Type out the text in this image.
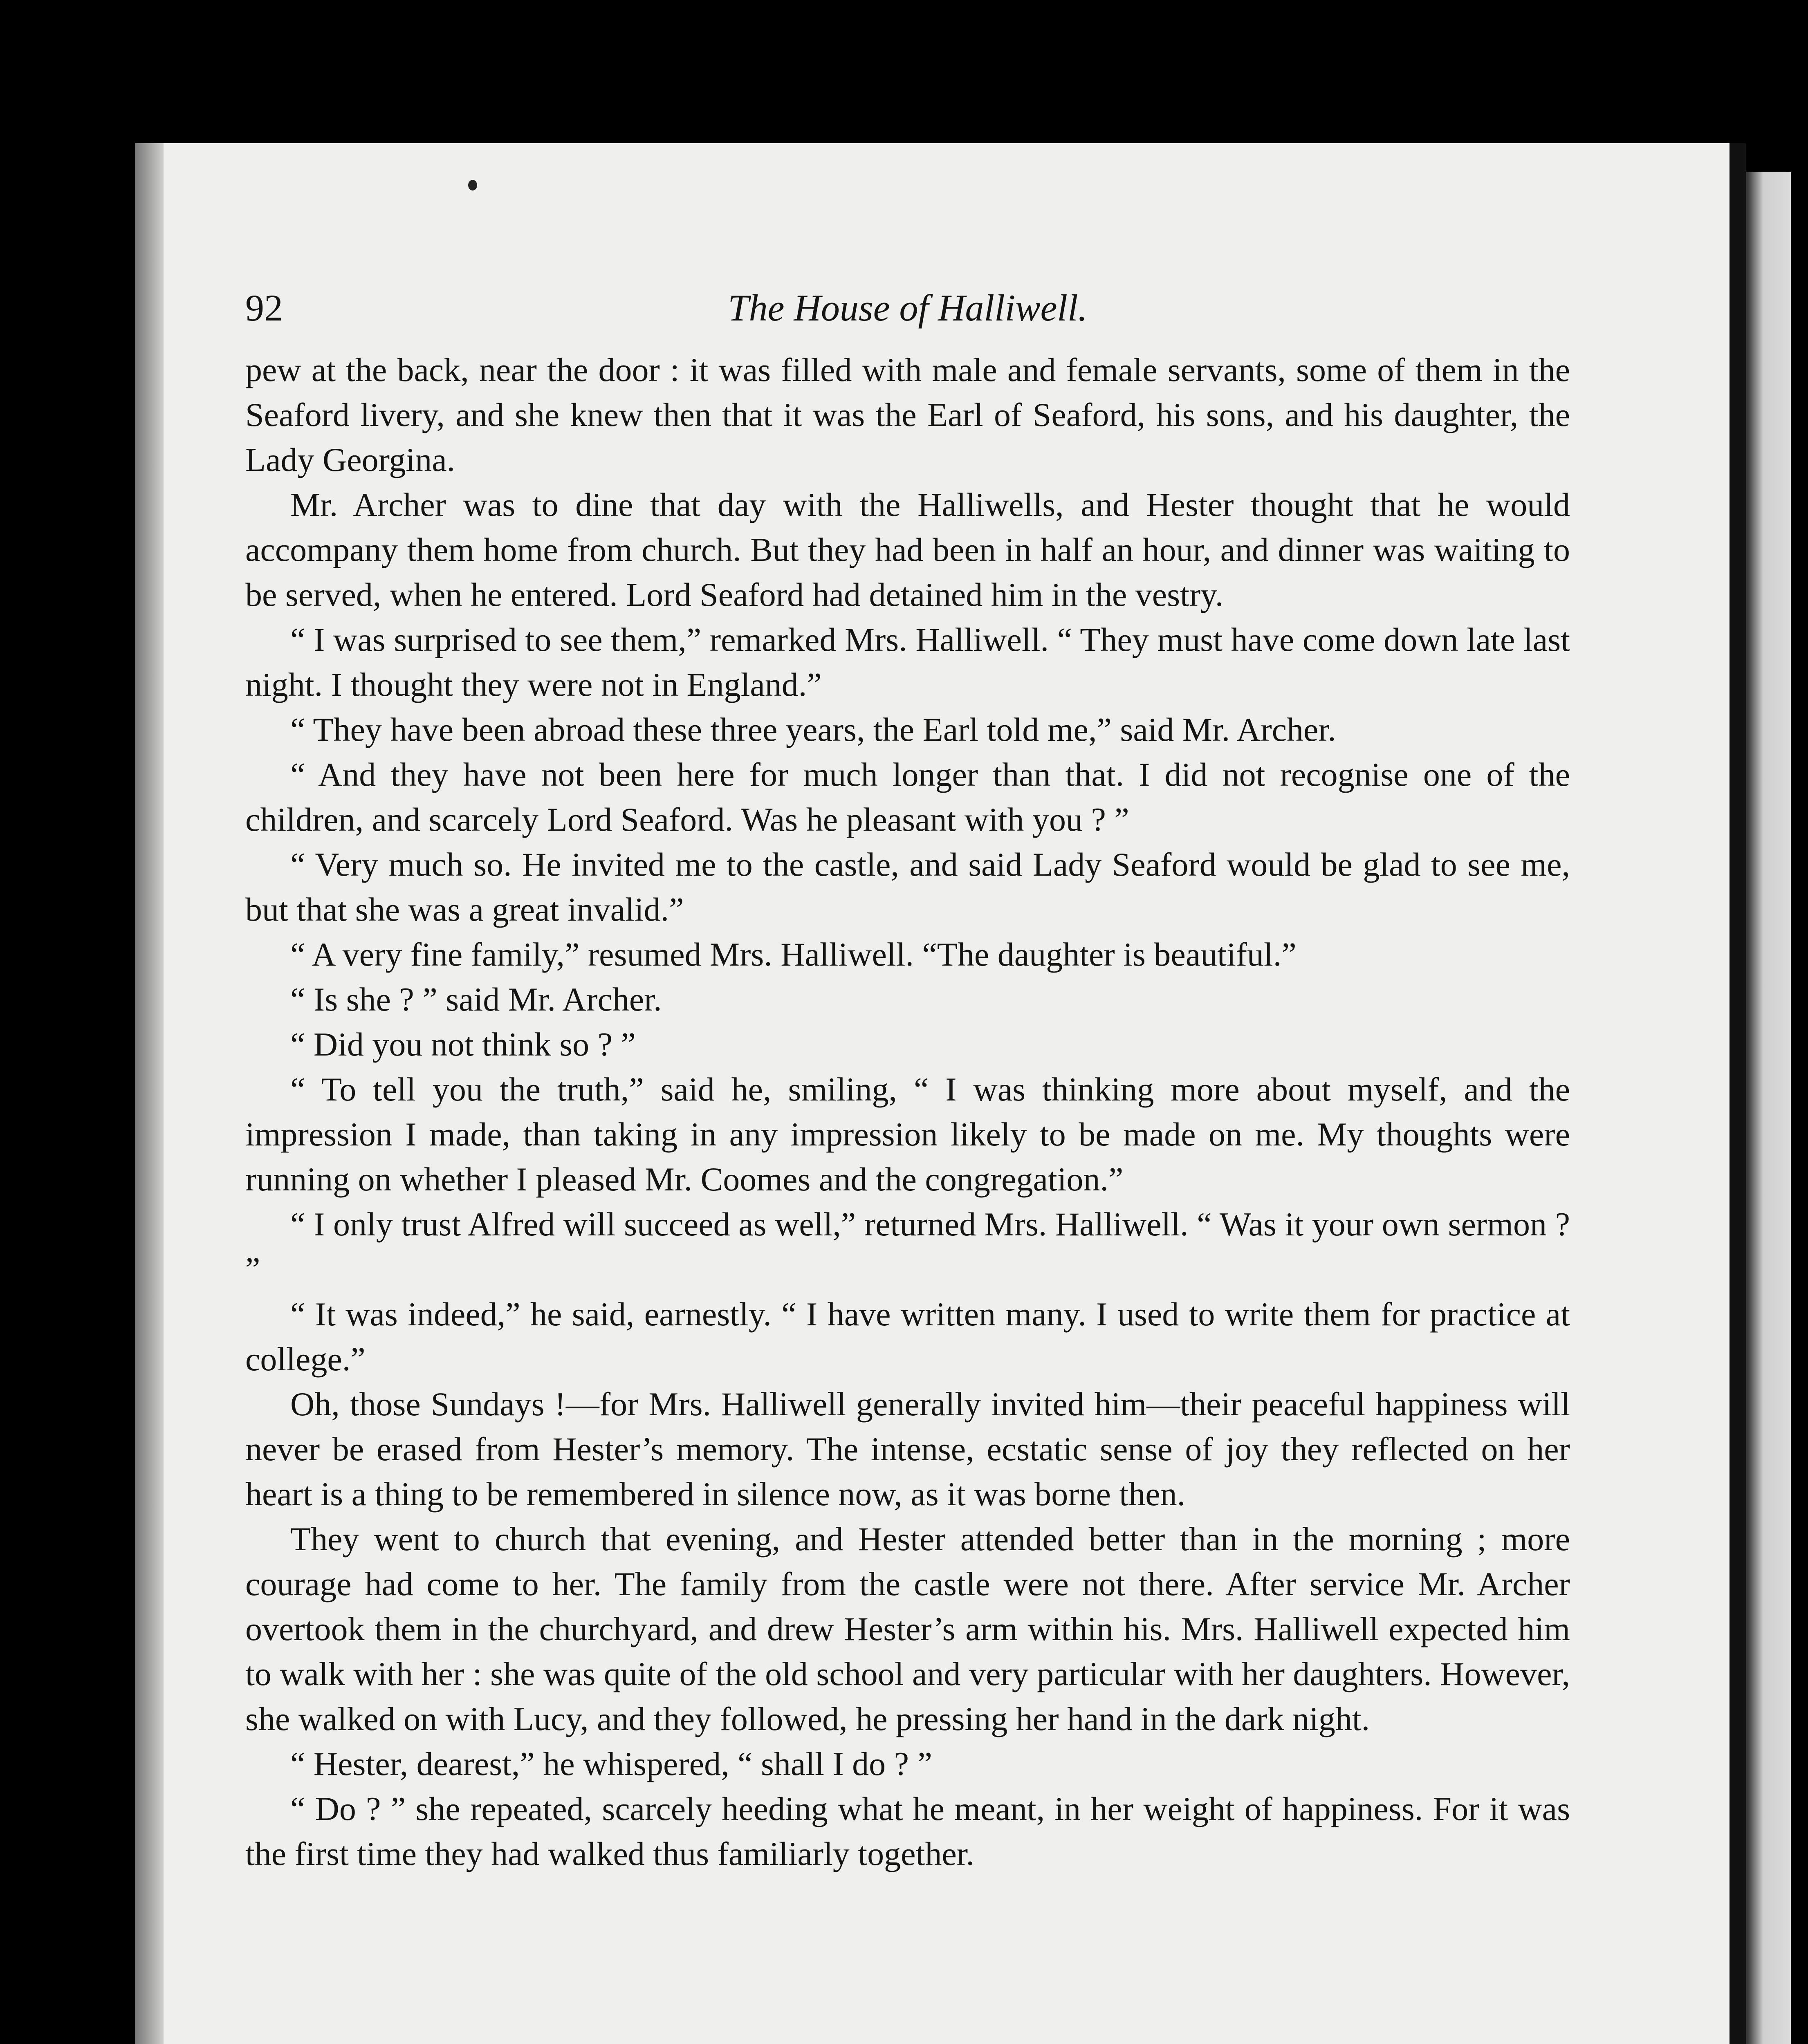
92	The House of Halliwell.

pew at the back, near the door : it was filled with male and female servants, some of them in the Seaford livery, and she knew then that it was the Earl of Seaford, his sons, and his daughter, the Lady Georgina.

Mr. Archer was to dine that day with the Halliwells, and Hester thought that he would accompany them home from church. But they had been in half an hour, and dinner was waiting to be served, when he entered. Lord Seaford had detained him in the vestry.

“ I was surprised to see them,” remarked Mrs. Halliwell. “ They must have come down late last night. I thought they were not in England.”

“ They have been abroad these three years, the Earl told me,” said Mr. Archer.

“ And they have not been here for much longer than that. I did not recognise one of the children, and scarcely Lord Seaford. Was he pleasant with you ? ”

“ Very much so. He invited me to the castle, and said Lady Seaford would be glad to see me, but that she was a great invalid.”

“ A very fine family,” resumed Mrs. Halliwell. “The daughter is beautiful.”

“ Is she ? ” said Mr. Archer.

“ Did you not think so ? ”

“ To tell you the truth,” said he, smiling, “ I was thinking more about myself, and the impression I made, than taking in any impression likely to be made on me. My thoughts were running on whether I pleased Mr. Coomes and the congregation.”

“ I only trust Alfred will succeed as well,” returned Mrs. Halliwell. “ Was it your own sermon ? ”

“ It was indeed,” he said, earnestly. “ I have written many. I used to write them for practice at college.”

Oh, those Sundays !—for Mrs. Halliwell generally invited him—their peaceful happiness will never be erased from Hester’s memory. The intense, ecstatic sense of joy they reflected on her heart is a thing to be remembered in silence now, as it was borne then.

They went to church that evening, and Hester attended better than in the morning ; more courage had come to her. The family from the castle were not there. After service Mr. Archer overtook them in the churchyard, and drew Hester’s arm within his. Mrs. Halliwell expected him to walk with her : she was quite of the old school and very particular with her daughters. However, she walked on with Lucy, and they followed, he pressing her hand in the dark night.

“ Hester, dearest,” he whispered, “ shall I do ? ”

“ Do ? ” she repeated, scarcely heeding what he meant, in her weight of happiness. For it was the first time they had walked thus familiarly together.
